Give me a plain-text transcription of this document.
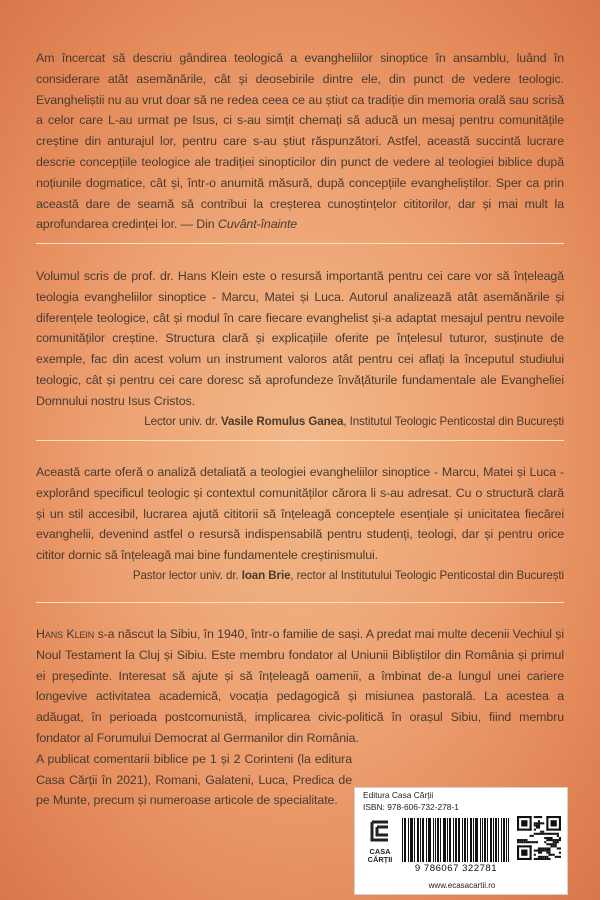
Am încercat să descriu gândirea teologică a evangheliilor sinoptice în ansamblu, luând în considerare atât asemănările, cât și deosebirile dintre ele, din punct de vedere teologic. Evangheliștii nu au vrut doar să ne redea ceea ce au știut ca tradiție din memoria orală sau scrisă a celor care L-au urmat pe Isus, ci s-au simțit chemați să aducă un mesaj pentru comunitățile creștine din anturajul lor, pentru care s-au știut răspunzători. Astfel, această succintă lucrare descrie concepțiile teologice ale tradiției sinopticilor din punct de vedere al teologiei biblice după noțiunile dogmatice, cât și, într-o anumită măsură, după concepțiile evangheliștilor. Sper ca prin această dare de seamă să contribui la creșterea cunoștințelor cititorilor, dar și mai mult la aprofundarea credinței lor. — Din Cuvânt-înainte
Volumul scris de prof. dr. Hans Klein este o resursă importantă pentru cei care vor să înțeleagă teologia evangheliilor sinoptice - Marcu, Matei și Luca. Autorul analizează atât asemănările și diferențele teologice, cât și modul în care fiecare evanghelist și-a adaptat mesajul pentru nevoile comunităților creștine. Structura clară și explicațiile oferite pe înțelesul tuturor, susținute de exemple, fac din acest volum un instrument valoros atât pentru cei aflați la începutul studiului teologic, cât și pentru cei care doresc să aprofundeze învățăturile fundamentale ale Evangheliei Domnului nostru Isus Cristos.
Lector univ. dr. Vasile Romulus Ganea, Institutul Teologic Penticostal din București
Această carte oferă o analiză detaliată a teologiei evangheliilor sinoptice - Marcu, Matei și Luca - explorând specificul teologic și contextul comunităților cărora li s-au adresat. Cu o structură clară și un stil accesibil, lucrarea ajută cititorii să înțeleagă conceptele esențiale și unicitatea fiecărei evanghelii, devenind astfel o resursă indispensabilă pentru studenți, teologi, dar și pentru orice cititor dornic să înțeleagă mai bine fundamentele creștinismului.
Pastor lector univ. dr. Ioan Brie, rector al Institutului Teologic Penticostal din București
Hans Klein s-a născut la Sibiu, în 1940, într-o familie de sași. A predat mai multe decenii Vechiul și Noul Testament la Cluj și Sibiu. Este membru fondator al Uniunii Bibliștilor din România și primul ei președinte. Interesat să ajute și să înțeleagă oamenii, a îmbinat de-a lungul unei cariere longevive activitatea academică, vocația pedagogică și misiunea pastorală. La acestea a adăugat, în perioada postcomunistă, implicarea civic-politică în orașul Sibiu, fiind membru fondator al Forumului Democrat al Germanilor din România.
A publicat comentarii biblice pe 1 și 2 Corinteni (la editura Casa Cărții în 2021), Romani, Galateni, Luca, Predica de pe Munte, precum și numeroase articole de specialitate.	Editura Casa Cărții
ISBN: 978-606-732-278-1
CASA
CĂRȚII
9 786067 322781
www.ecasacartii.ro
